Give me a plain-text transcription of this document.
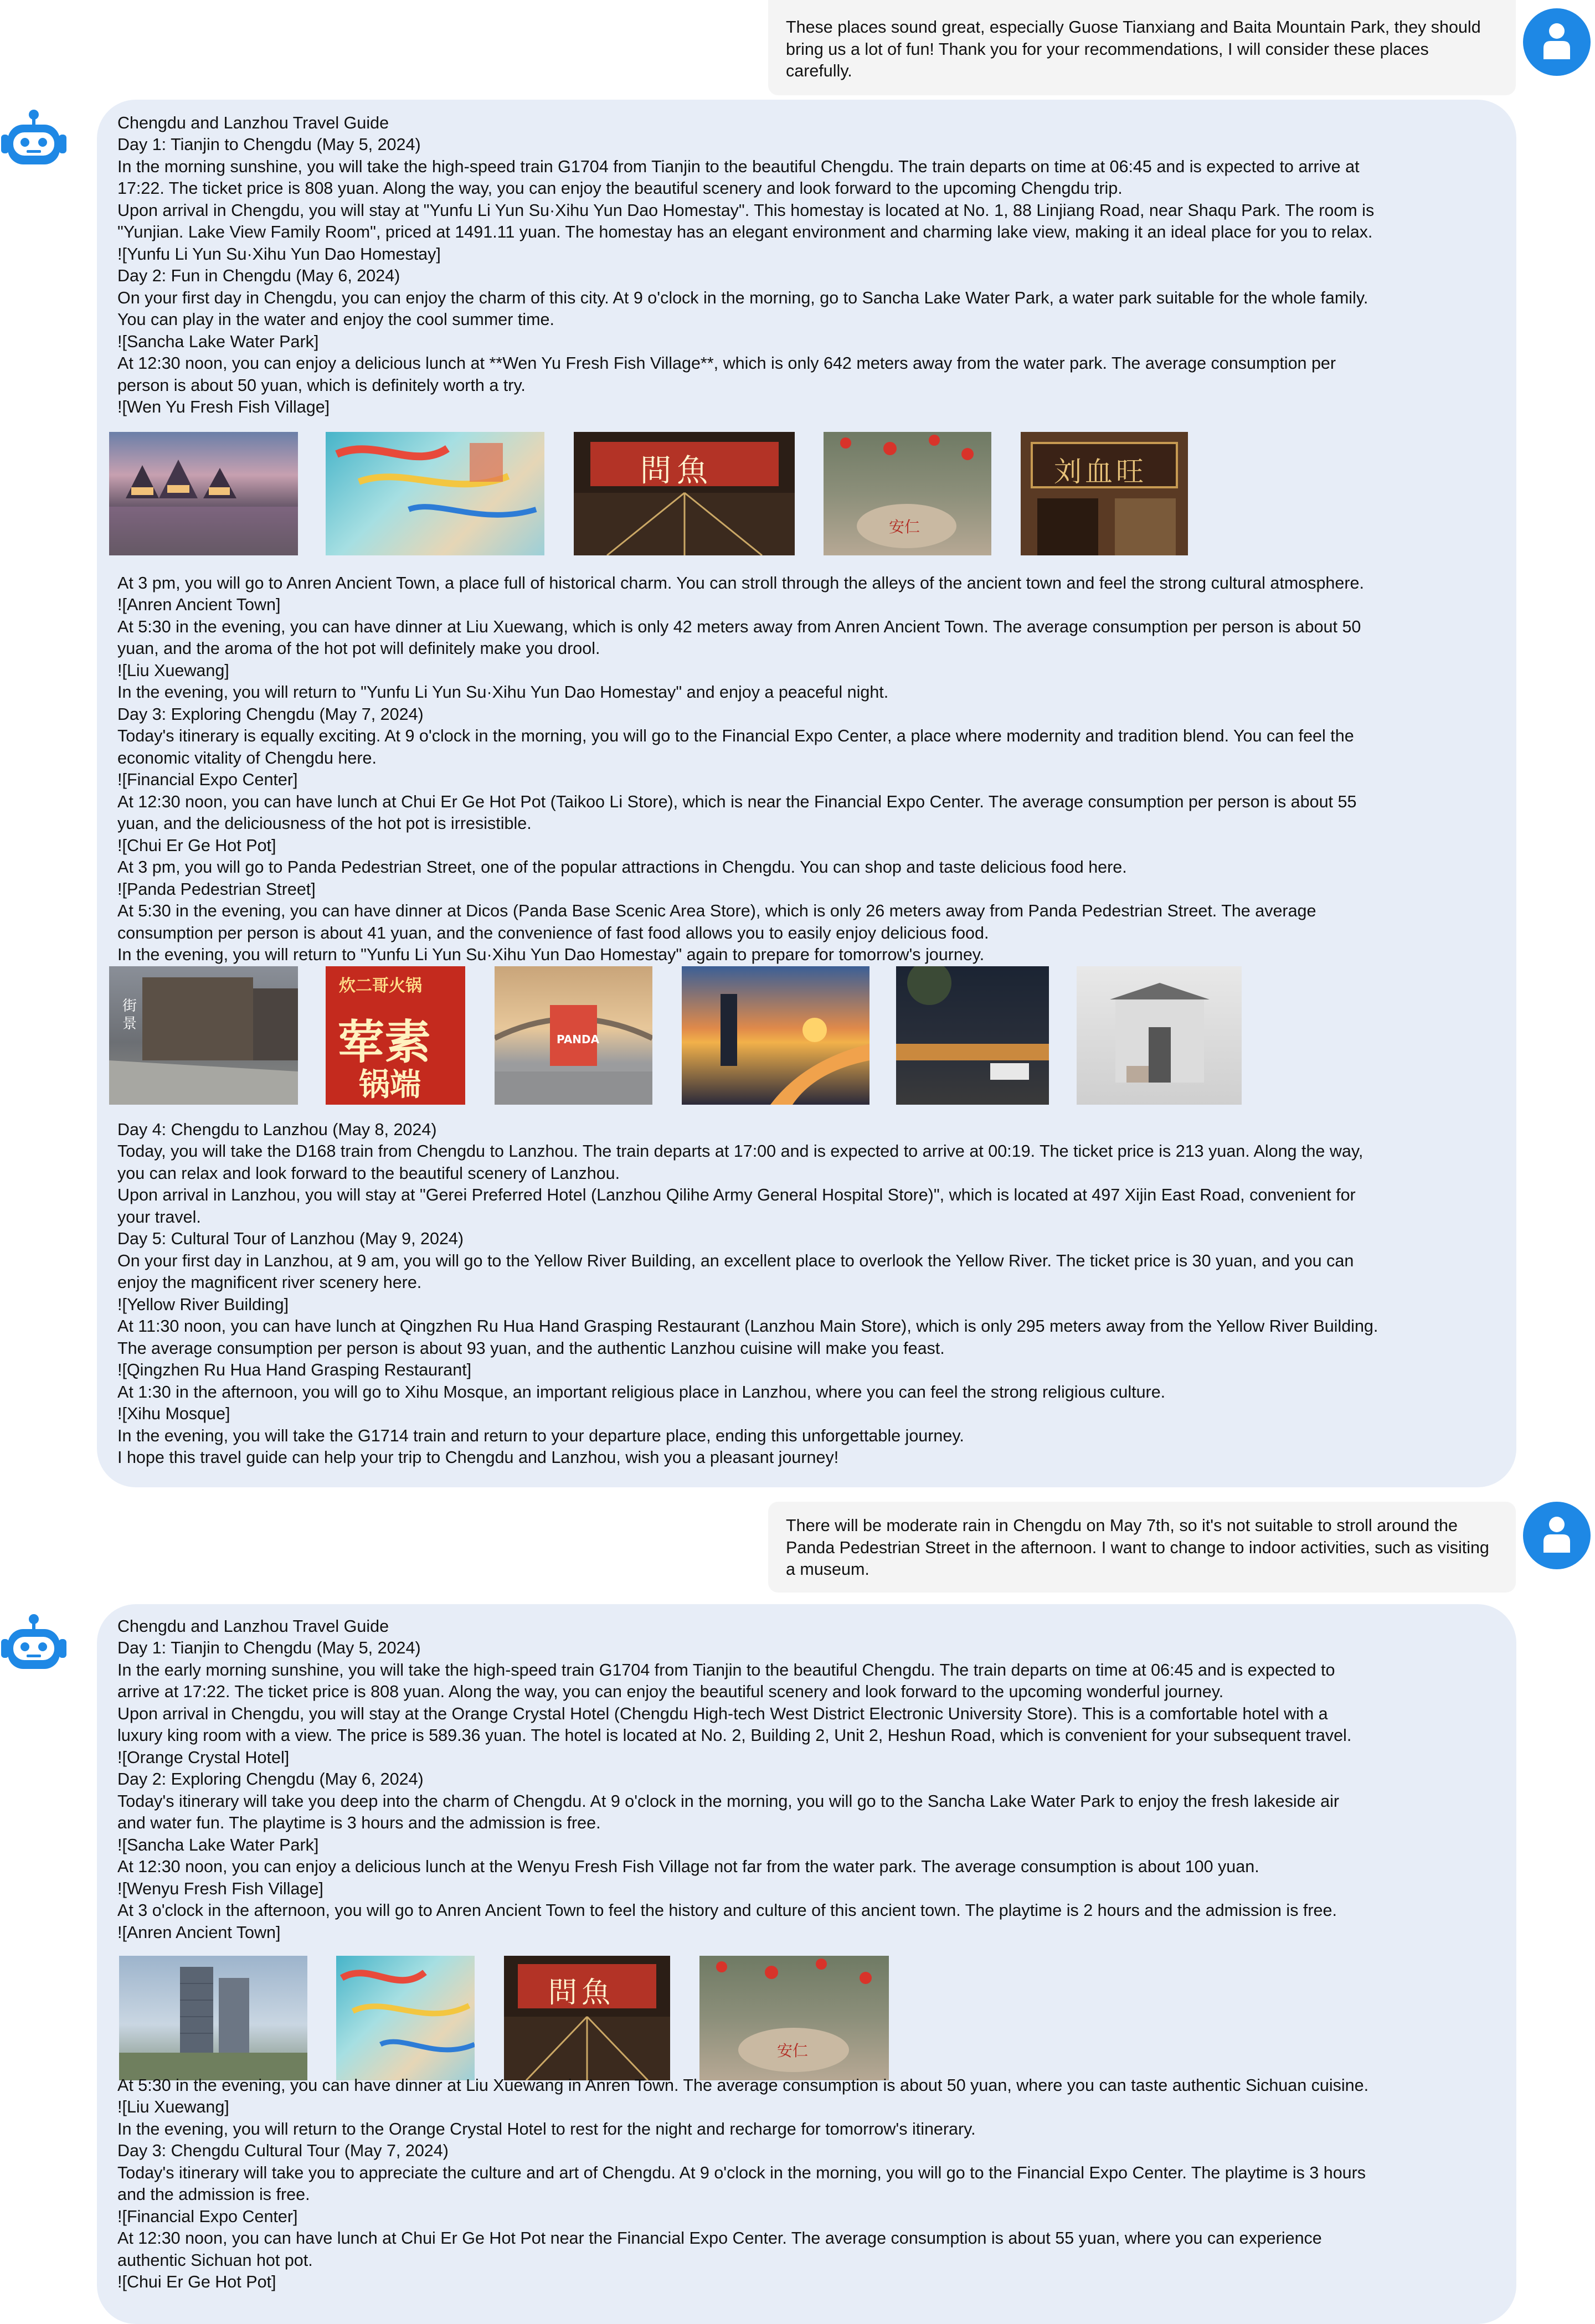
These places sound great, especially Guose Tianxiang and Baita Mountain Park, they should bring us a lot of fun! Thank you for your recommendations, I will consider these places carefully.
Chengdu and Lanzhou Travel Guide
Day 1: Tianjin to Chengdu (May 5, 2024)
In the morning sunshine, you will take the high-speed train G1704 from Tianjin to the beautiful Chengdu. The train departs on time at 06:45 and is expected to arrive at
17:22. The ticket price is 808 yuan. Along the way, you can enjoy the beautiful scenery and look forward to the upcoming Chengdu trip.
Upon arrival in Chengdu, you will stay at "Yunfu Li Yun Su·Xihu Yun Dao Homestay". This homestay is located at No. 1, 88 Linjiang Road, near Shaqu Park. The room is
"Yunjian. Lake View Family Room", priced at 1491.11 yuan. The homestay has an elegant environment and charming lake view, making it an ideal place for you to relax.
![Yunfu Li Yun Su·Xihu Yun Dao Homestay]
Day 2: Fun in Chengdu (May 6, 2024)
On your first day in Chengdu, you can enjoy the charm of this city. At 9 o'clock in the morning, go to Sancha Lake Water Park, a water park suitable for the whole family.
You can play in the water and enjoy the cool summer time.
![Sancha Lake Water Park]
At 12:30 noon, you can enjoy a delicious lunch at **Wen Yu Fresh Fish Village**, which is only 642 meters away from the water park. The average consumption per
person is about 50 yuan, which is definitely worth a try.
![Wen Yu Fresh Fish Village]
問魚
安仁
刘血旺
At 3 pm, you will go to Anren Ancient Town, a place full of historical charm. You can stroll through the alleys of the ancient town and feel the strong cultural atmosphere.
![Anren Ancient Town]
At 5:30 in the evening, you can have dinner at Liu Xuewang, which is only 42 meters away from Anren Ancient Town. The average consumption per person is about 50
yuan, and the aroma of the hot pot will definitely make you drool.
![Liu Xuewang]
In the evening, you will return to "Yunfu Li Yun Su·Xihu Yun Dao Homestay" and enjoy a peaceful night.
Day 3: Exploring Chengdu (May 7, 2024)
Today's itinerary is equally exciting. At 9 o'clock in the morning, you will go to the Financial Expo Center, a place where modernity and tradition blend. You can feel the
economic vitality of Chengdu here.
![Financial Expo Center]
At 12:30 noon, you can have lunch at Chui Er Ge Hot Pot (Taikoo Li Store), which is near the Financial Expo Center. The average consumption per person is about 55
yuan, and the deliciousness of the hot pot is irresistible.
![Chui Er Ge Hot Pot]
At 3 pm, you will go to Panda Pedestrian Street, one of the popular attractions in Chengdu. You can shop and taste delicious food here.
![Panda Pedestrian Street]
At 5:30 in the evening, you can have dinner at Dicos (Panda Base Scenic Area Store), which is only 26 meters away from Panda Pedestrian Street. The average
consumption per person is about 41 yuan, and the convenience of fast food allows you to easily enjoy delicious food.
In the evening, you will return to "Yunfu Li Yun Su·Xihu Yun Dao Homestay" again to prepare for tomorrow's journey.
街景
炊二哥火锅
荤素
锅端
PANDA
Day 4: Chengdu to Lanzhou (May 8, 2024)
Today, you will take the D168 train from Chengdu to Lanzhou. The train departs at 17:00 and is expected to arrive at 00:19. The ticket price is 213 yuan. Along the way,
you can relax and look forward to the beautiful scenery of Lanzhou.
Upon arrival in Lanzhou, you will stay at "Gerei Preferred Hotel (Lanzhou Qilihe Army General Hospital Store)", which is located at 497 Xijin East Road, convenient for
your travel.
Day 5: Cultural Tour of Lanzhou (May 9, 2024)
On your first day in Lanzhou, at 9 am, you will go to the Yellow River Building, an excellent place to overlook the Yellow River. The ticket price is 30 yuan, and you can
enjoy the magnificent river scenery here.
![Yellow River Building]
At 11:30 noon, you can have lunch at Qingzhen Ru Hua Hand Grasping Restaurant (Lanzhou Main Store), which is only 295 meters away from the Yellow River Building.
The average consumption per person is about 93 yuan, and the authentic Lanzhou cuisine will make you feast.
![Qingzhen Ru Hua Hand Grasping Restaurant]
At 1:30 in the afternoon, you will go to Xihu Mosque, an important religious place in Lanzhou, where you can feel the strong religious culture.
![Xihu Mosque]
In the evening, you will take the G1714 train and return to your departure place, ending this unforgettable journey.
I hope this travel guide can help your trip to Chengdu and Lanzhou, wish you a pleasant journey!
There will be moderate rain in Chengdu on May 7th, so it's not suitable to stroll around the Panda Pedestrian Street in the afternoon. I want to change to indoor activities, such as visiting a museum.
Chengdu and Lanzhou Travel Guide
Day 1: Tianjin to Chengdu (May 5, 2024)
In the early morning sunshine, you will take the high-speed train G1704 from Tianjin to the beautiful Chengdu. The train departs on time at 06:45 and is expected to
arrive at 17:22. The ticket price is 808 yuan. Along the way, you can enjoy the beautiful scenery and look forward to the upcoming wonderful journey.
Upon arrival in Chengdu, you will stay at the Orange Crystal Hotel (Chengdu High-tech West District Electronic University Store). This is a comfortable hotel with a
luxury king room with a view. The price is 589.36 yuan. The hotel is located at No. 2, Building 2, Unit 2, Heshun Road, which is convenient for your subsequent travel.
![Orange Crystal Hotel]
Day 2: Exploring Chengdu (May 6, 2024)
Today's itinerary will take you deep into the charm of Chengdu. At 9 o'clock in the morning, you will go to the Sancha Lake Water Park to enjoy the fresh lakeside air
and water fun. The playtime is 3 hours and the admission is free.
![Sancha Lake Water Park]
At 12:30 noon, you can enjoy a delicious lunch at the Wenyu Fresh Fish Village not far from the water park. The average consumption is about 100 yuan.
![Wenyu Fresh Fish Village]
At 3 o'clock in the afternoon, you will go to Anren Ancient Town to feel the history and culture of this ancient town. The playtime is 2 hours and the admission is free.
![Anren Ancient Town]
問魚
安仁
At 5:30 in the evening, you can have dinner at Liu Xuewang in Anren Town. The average consumption is about 50 yuan, where you can taste authentic Sichuan cuisine.
![Liu Xuewang]
In the evening, you will return to the Orange Crystal Hotel to rest for the night and recharge for tomorrow's itinerary.
Day 3: Chengdu Cultural Tour (May 7, 2024)
Today's itinerary will take you to appreciate the culture and art of Chengdu. At 9 o'clock in the morning, you will go to the Financial Expo Center. The playtime is 3 hours
and the admission is free.
![Financial Expo Center]
At 12:30 noon, you can have lunch at Chui Er Ge Hot Pot near the Financial Expo Center. The average consumption is about 55 yuan, where you can experience
authentic Sichuan hot pot.
![Chui Er Ge Hot Pot]
